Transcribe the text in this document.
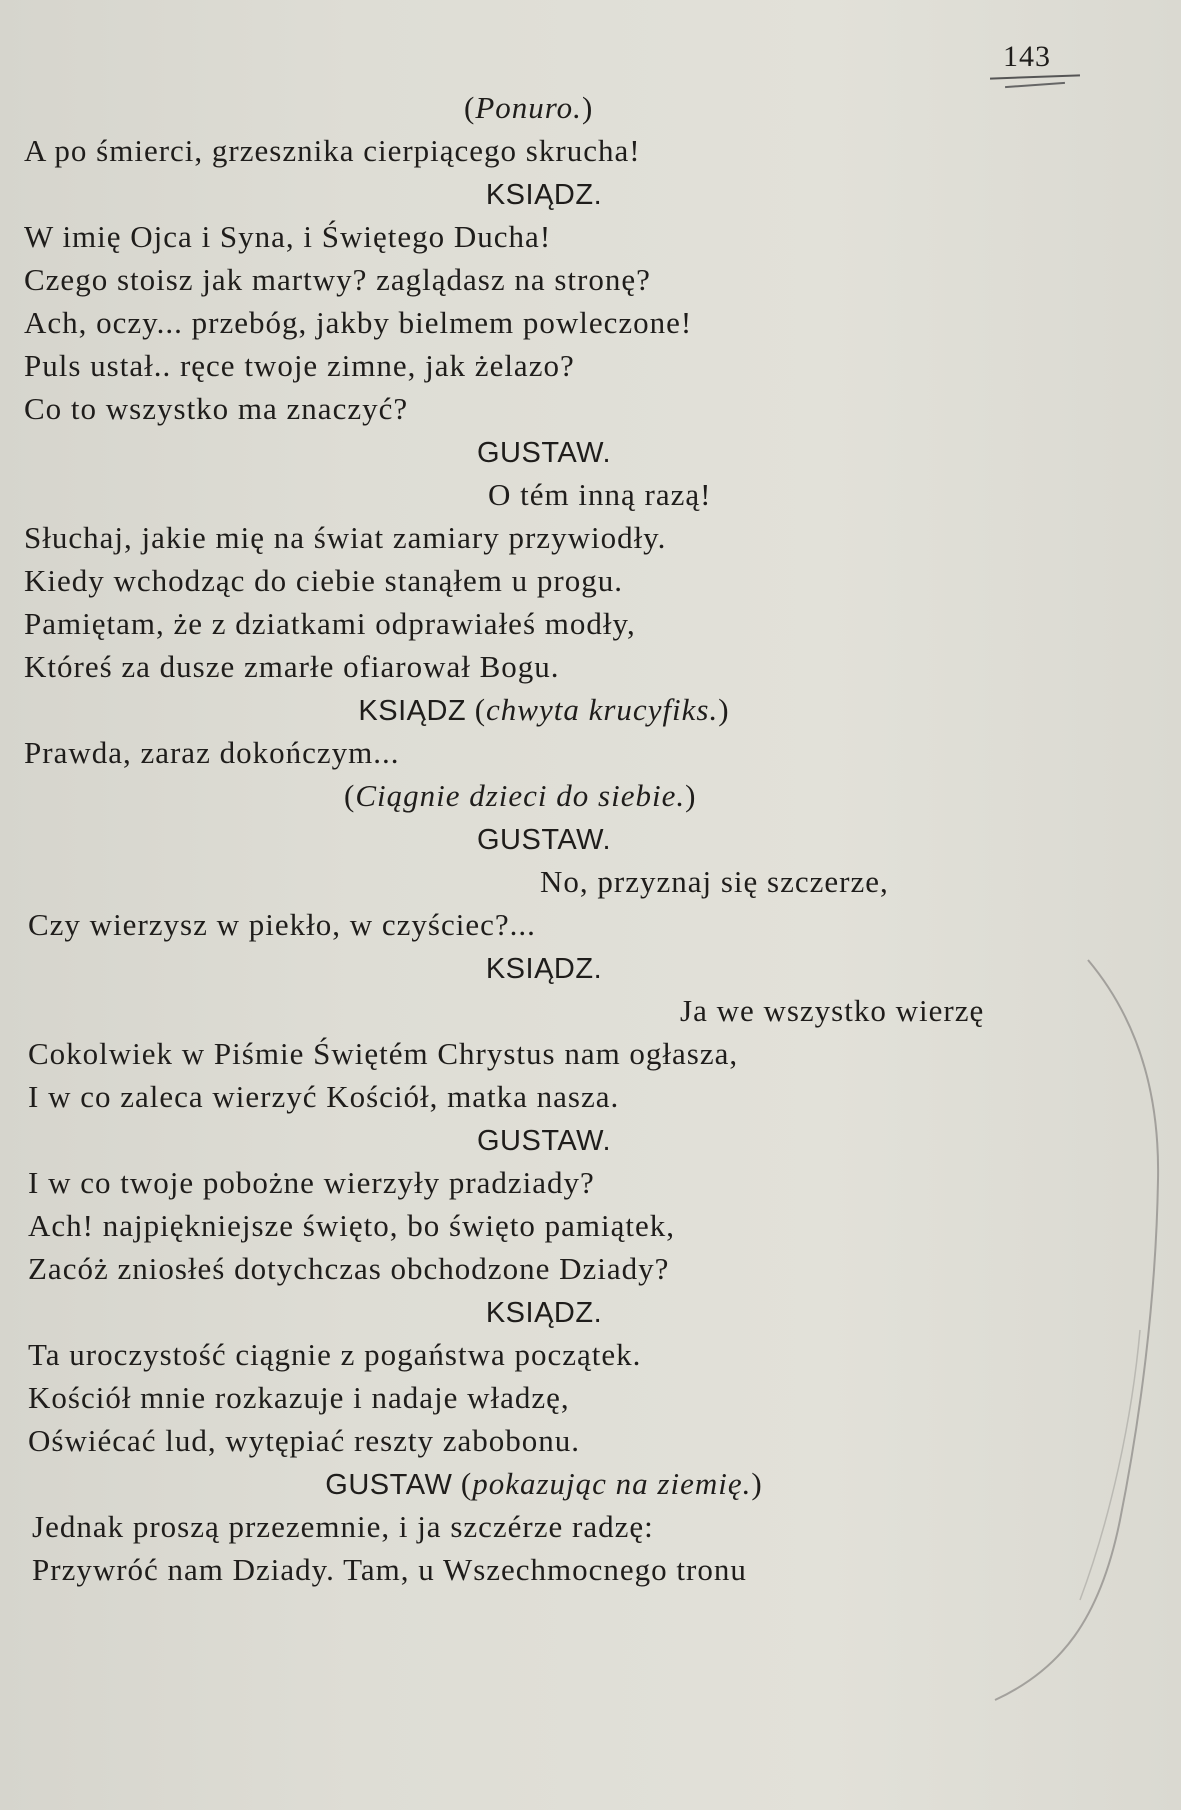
143
(Ponuro.)
A po śmierci, grzesznika cierpiącego skrucha!
KSIĄDZ.
W imię Ojca i Syna, i Świętego Ducha!
Czego stoisz jak martwy? zaglądasz na stronę?
Ach, oczy... przebóg, jakby bielmem powleczone!
Puls ustał.. ręce twoje zimne, jak żelazo?
Co to wszystko ma znaczyć?
GUSTAW.
O tém inną razą!
Słuchaj, jakie mię na świat zamiary przywiodły.
Kiedy wchodząc do ciebie stanąłem u progu.
Pamiętam, że z dziatkami odprawiałeś modły,
Któreś za dusze zmarłe ofiarował Bogu.
KSIĄDZ (chwyta krucyfiks.)
Prawda, zaraz dokończym...
(Ciągnie dzieci do siebie.)
GUSTAW.
No, przyznaj się szczerze,
Czy wierzysz w piekło, w czyściec?...
KSIĄDZ.
Ja we wszystko wierzę
Cokolwiek w Piśmie Świętém Chrystus nam ogłasza,
I w co zaleca wierzyć Kościół, matka nasza.
GUSTAW.
I w co twoje pobożne wierzyły pradziady?
Ach! najpiękniejsze święto, bo święto pamiątek,
Zacóż zniosłeś dotychczas obchodzone Dziady?
KSIĄDZ.
Ta uroczystość ciągnie z pogaństwa początek.
Kościół mnie rozkazuje i nadaje władzę,
Oświécać lud, wytępiać reszty zabobonu.
GUSTAW (pokazując na ziemię.)
Jednak proszą przezemnie, i ja szczérze radzę:
Przywróć nam Dziady. Tam, u Wszechmocnego tronu
